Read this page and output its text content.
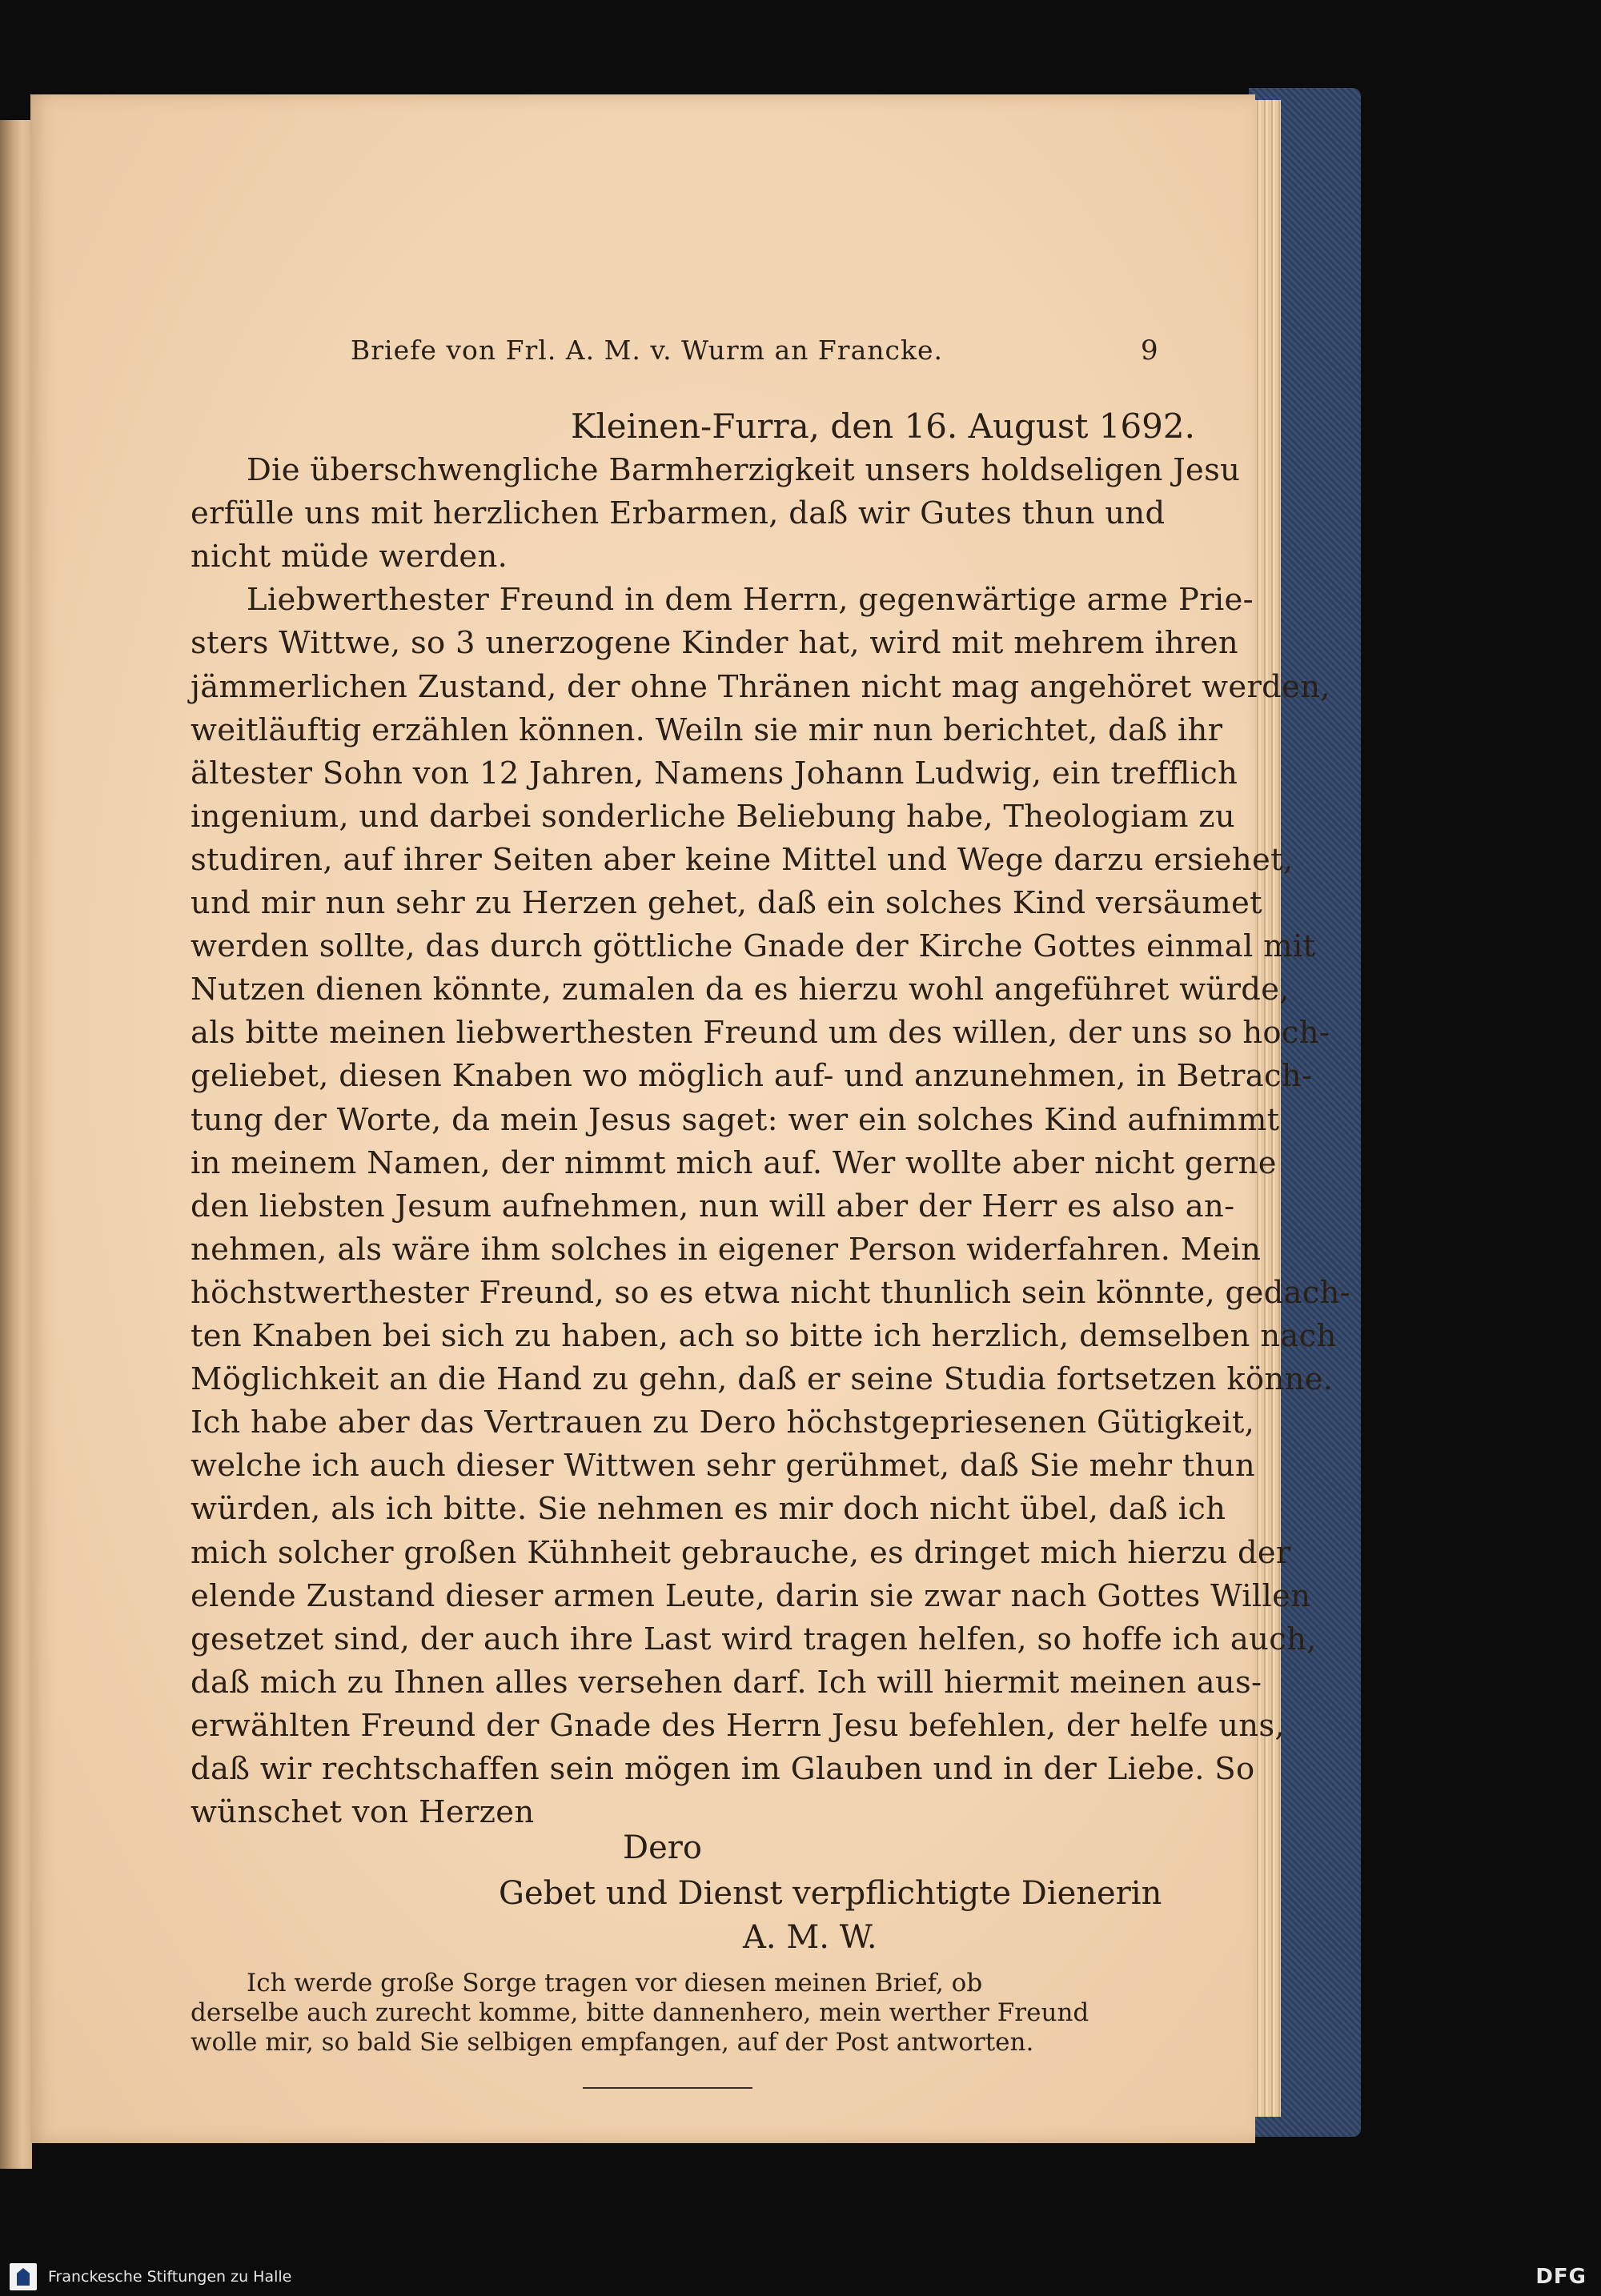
Briefe von Frl. A. M. v. Wurm an Francke.	9
Kleinen-Furra, den 16. August 1692.
Die überschwengliche Barmherzigkeit unsers holdseligen Jesu
erfülle uns mit herzlichen Erbarmen, daß wir Gutes thun und
nicht müde werden.
Liebwerthester Freund in dem Herrn, gegenwärtige arme Prie-
sters Wittwe, so 3 unerzogene Kinder hat, wird mit mehrem ihren
jämmerlichen Zustand, der ohne Thränen nicht mag angehöret werden,
weitläuftig erzählen können. Weiln sie mir nun berichtet, daß ihr
ältester Sohn von 12 Jahren, Namens Johann Ludwig, ein trefflich
ingenium, und darbei sonderliche Beliebung habe, Theologiam zu
studiren, auf ihrer Seiten aber keine Mittel und Wege darzu ersiehet,
und mir nun sehr zu Herzen gehet, daß ein solches Kind versäumet
werden sollte, das durch göttliche Gnade der Kirche Gottes einmal mit
Nutzen dienen könnte, zumalen da es hierzu wohl angeführet würde,
als bitte meinen liebwerthesten Freund um des willen, der uns so hoch-
geliebet, diesen Knaben wo möglich auf- und anzunehmen, in Betrach-
tung der Worte, da mein Jesus saget: wer ein solches Kind aufnimmt
in meinem Namen, der nimmt mich auf. Wer wollte aber nicht gerne
den liebsten Jesum aufnehmen, nun will aber der Herr es also an-
nehmen, als wäre ihm solches in eigener Person widerfahren. Mein
höchstwerthester Freund, so es etwa nicht thunlich sein könnte, gedach-
ten Knaben bei sich zu haben, ach so bitte ich herzlich, demselben nach
Möglichkeit an die Hand zu gehn, daß er seine Studia fortsetzen könne.
Ich habe aber das Vertrauen zu Dero höchstgepriesenen Gütigkeit,
welche ich auch dieser Wittwen sehr gerühmet, daß Sie mehr thun
würden, als ich bitte. Sie nehmen es mir doch nicht übel, daß ich
mich solcher großen Kühnheit gebrauche, es dringet mich hierzu der
elende Zustand dieser armen Leute, darin sie zwar nach Gottes Willen
gesetzet sind, der auch ihre Last wird tragen helfen, so hoffe ich auch,
daß mich zu Ihnen alles versehen darf. Ich will hiermit meinen aus-
erwählten Freund der Gnade des Herrn Jesu befehlen, der helfe uns,
daß wir rechtschaffen sein mögen im Glauben und in der Liebe. So
wünschet von Herzen
Dero
Gebet und Dienst verpflichtigte Dienerin
A. M. W.
Ich werde große Sorge tragen vor diesen meinen Brief, ob
derselbe auch zurecht komme, bitte dannenhero, mein werther Freund
wolle mir, so bald Sie selbigen empfangen, auf der Post antworten.
Franckesche Stiftungen zu Halle	DFG
